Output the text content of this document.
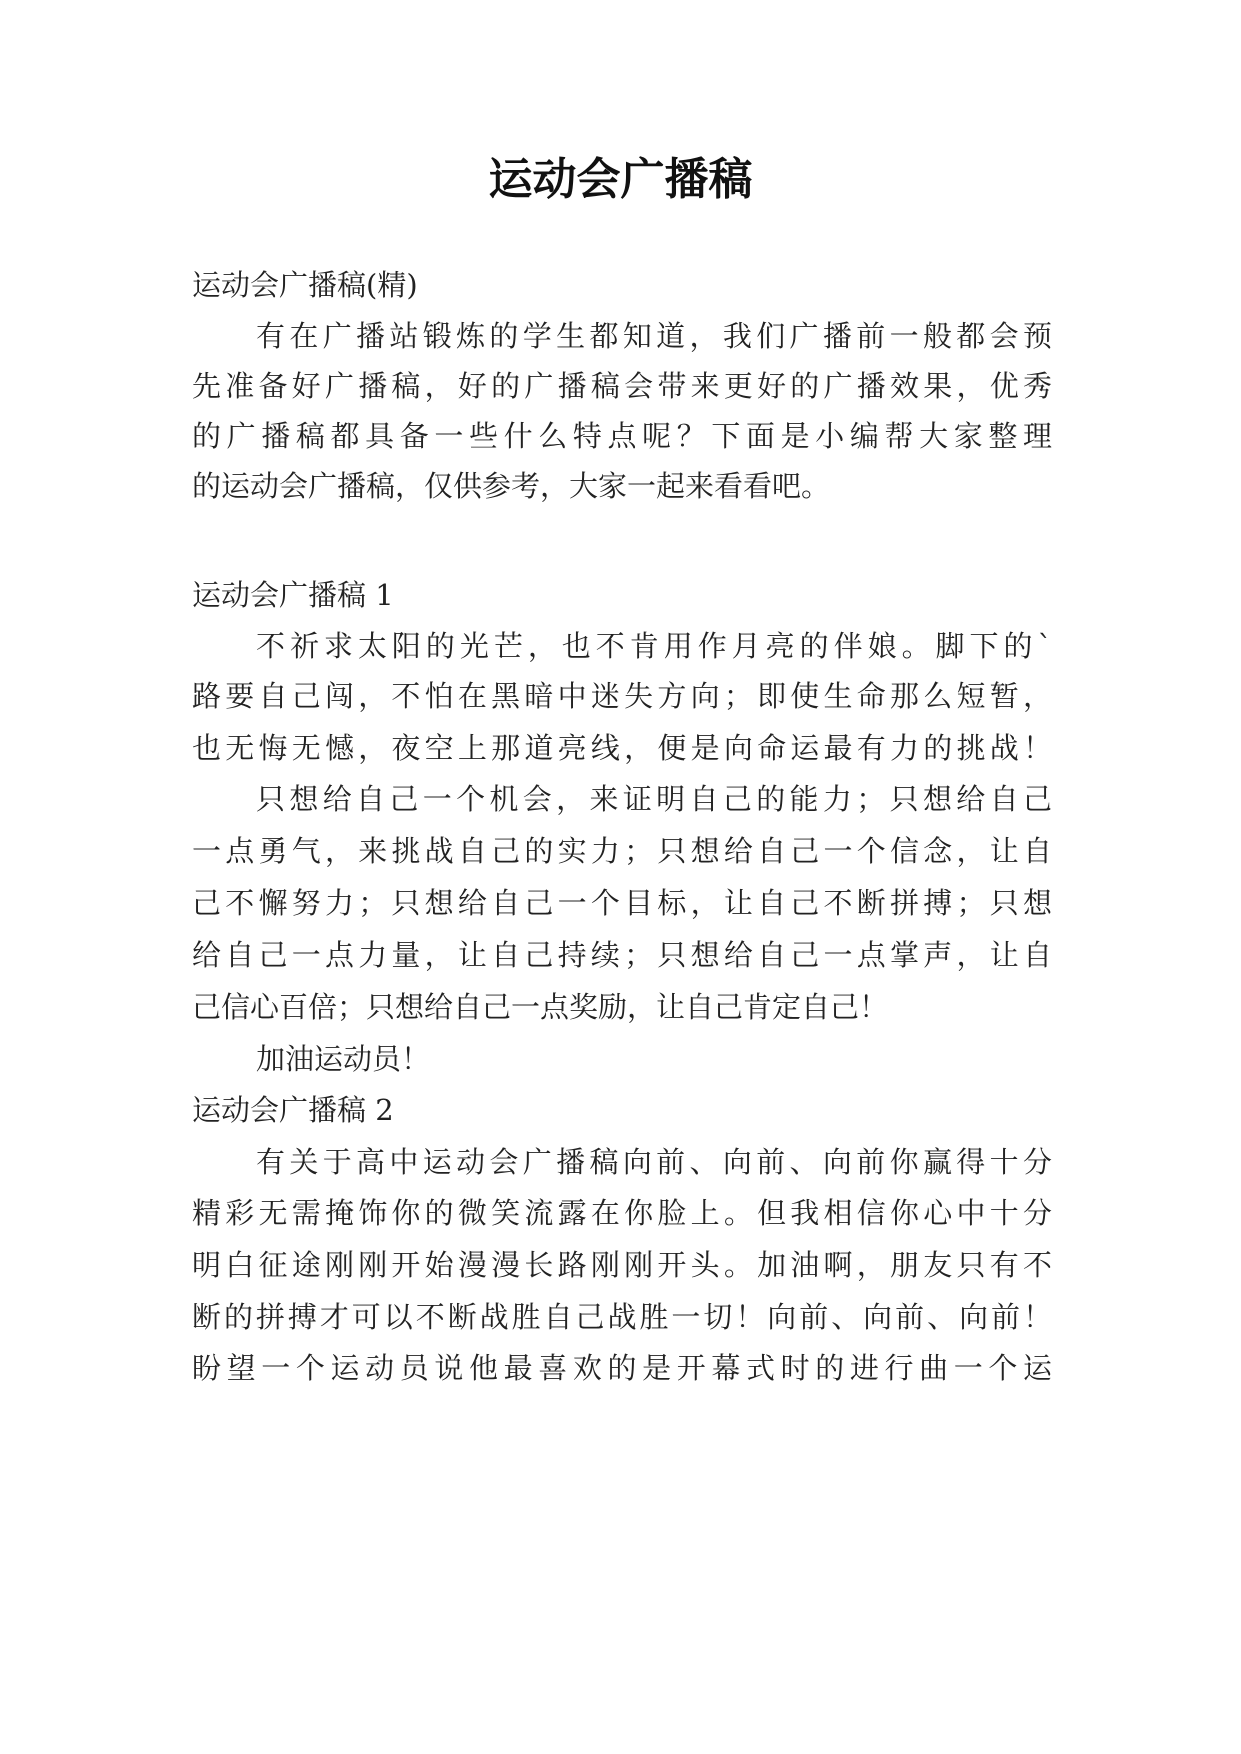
运动会广播稿

运动会广播稿(精)

有在广播站锻炼的学生都知道，我们广播前一般都会预

先准备好广播稿，好的广播稿会带来更好的广播效果，优秀

的广播稿都具备一些什么特点呢？下面是小编帮大家整理

的运动会广播稿，仅供参考，大家一起来看看吧。

运动会广播稿 1

不祈求太阳的光芒，也不肯用作月亮的伴娘。脚下的`

路要自己闯，不怕在黑暗中迷失方向；即使生命那么短暂，

也无悔无憾，夜空上那道亮线，便是向命运最有力的挑战！

只想给自己一个机会，来证明自己的能力；只想给自己

一点勇气，来挑战自己的实力；只想给自己一个信念，让自

己不懈努力；只想给自己一个目标，让自己不断拼搏；只想

给自己一点力量，让自己持续；只想给自己一点掌声，让自

己信心百倍；只想给自己一点奖励，让自己肯定自己！

加油运动员！

运动会广播稿 2

有关于高中运动会广播稿向前、向前、向前你赢得十分

精彩无需掩饰你的微笑流露在你脸上。但我相信你心中十分

明白征途刚刚开始漫漫长路刚刚开头。加油啊，朋友只有不

断的拼搏才可以不断战胜自己战胜一切！向前、向前、向前！

盼望一个运动员说他最喜欢的是开幕式时的进行曲一个运
